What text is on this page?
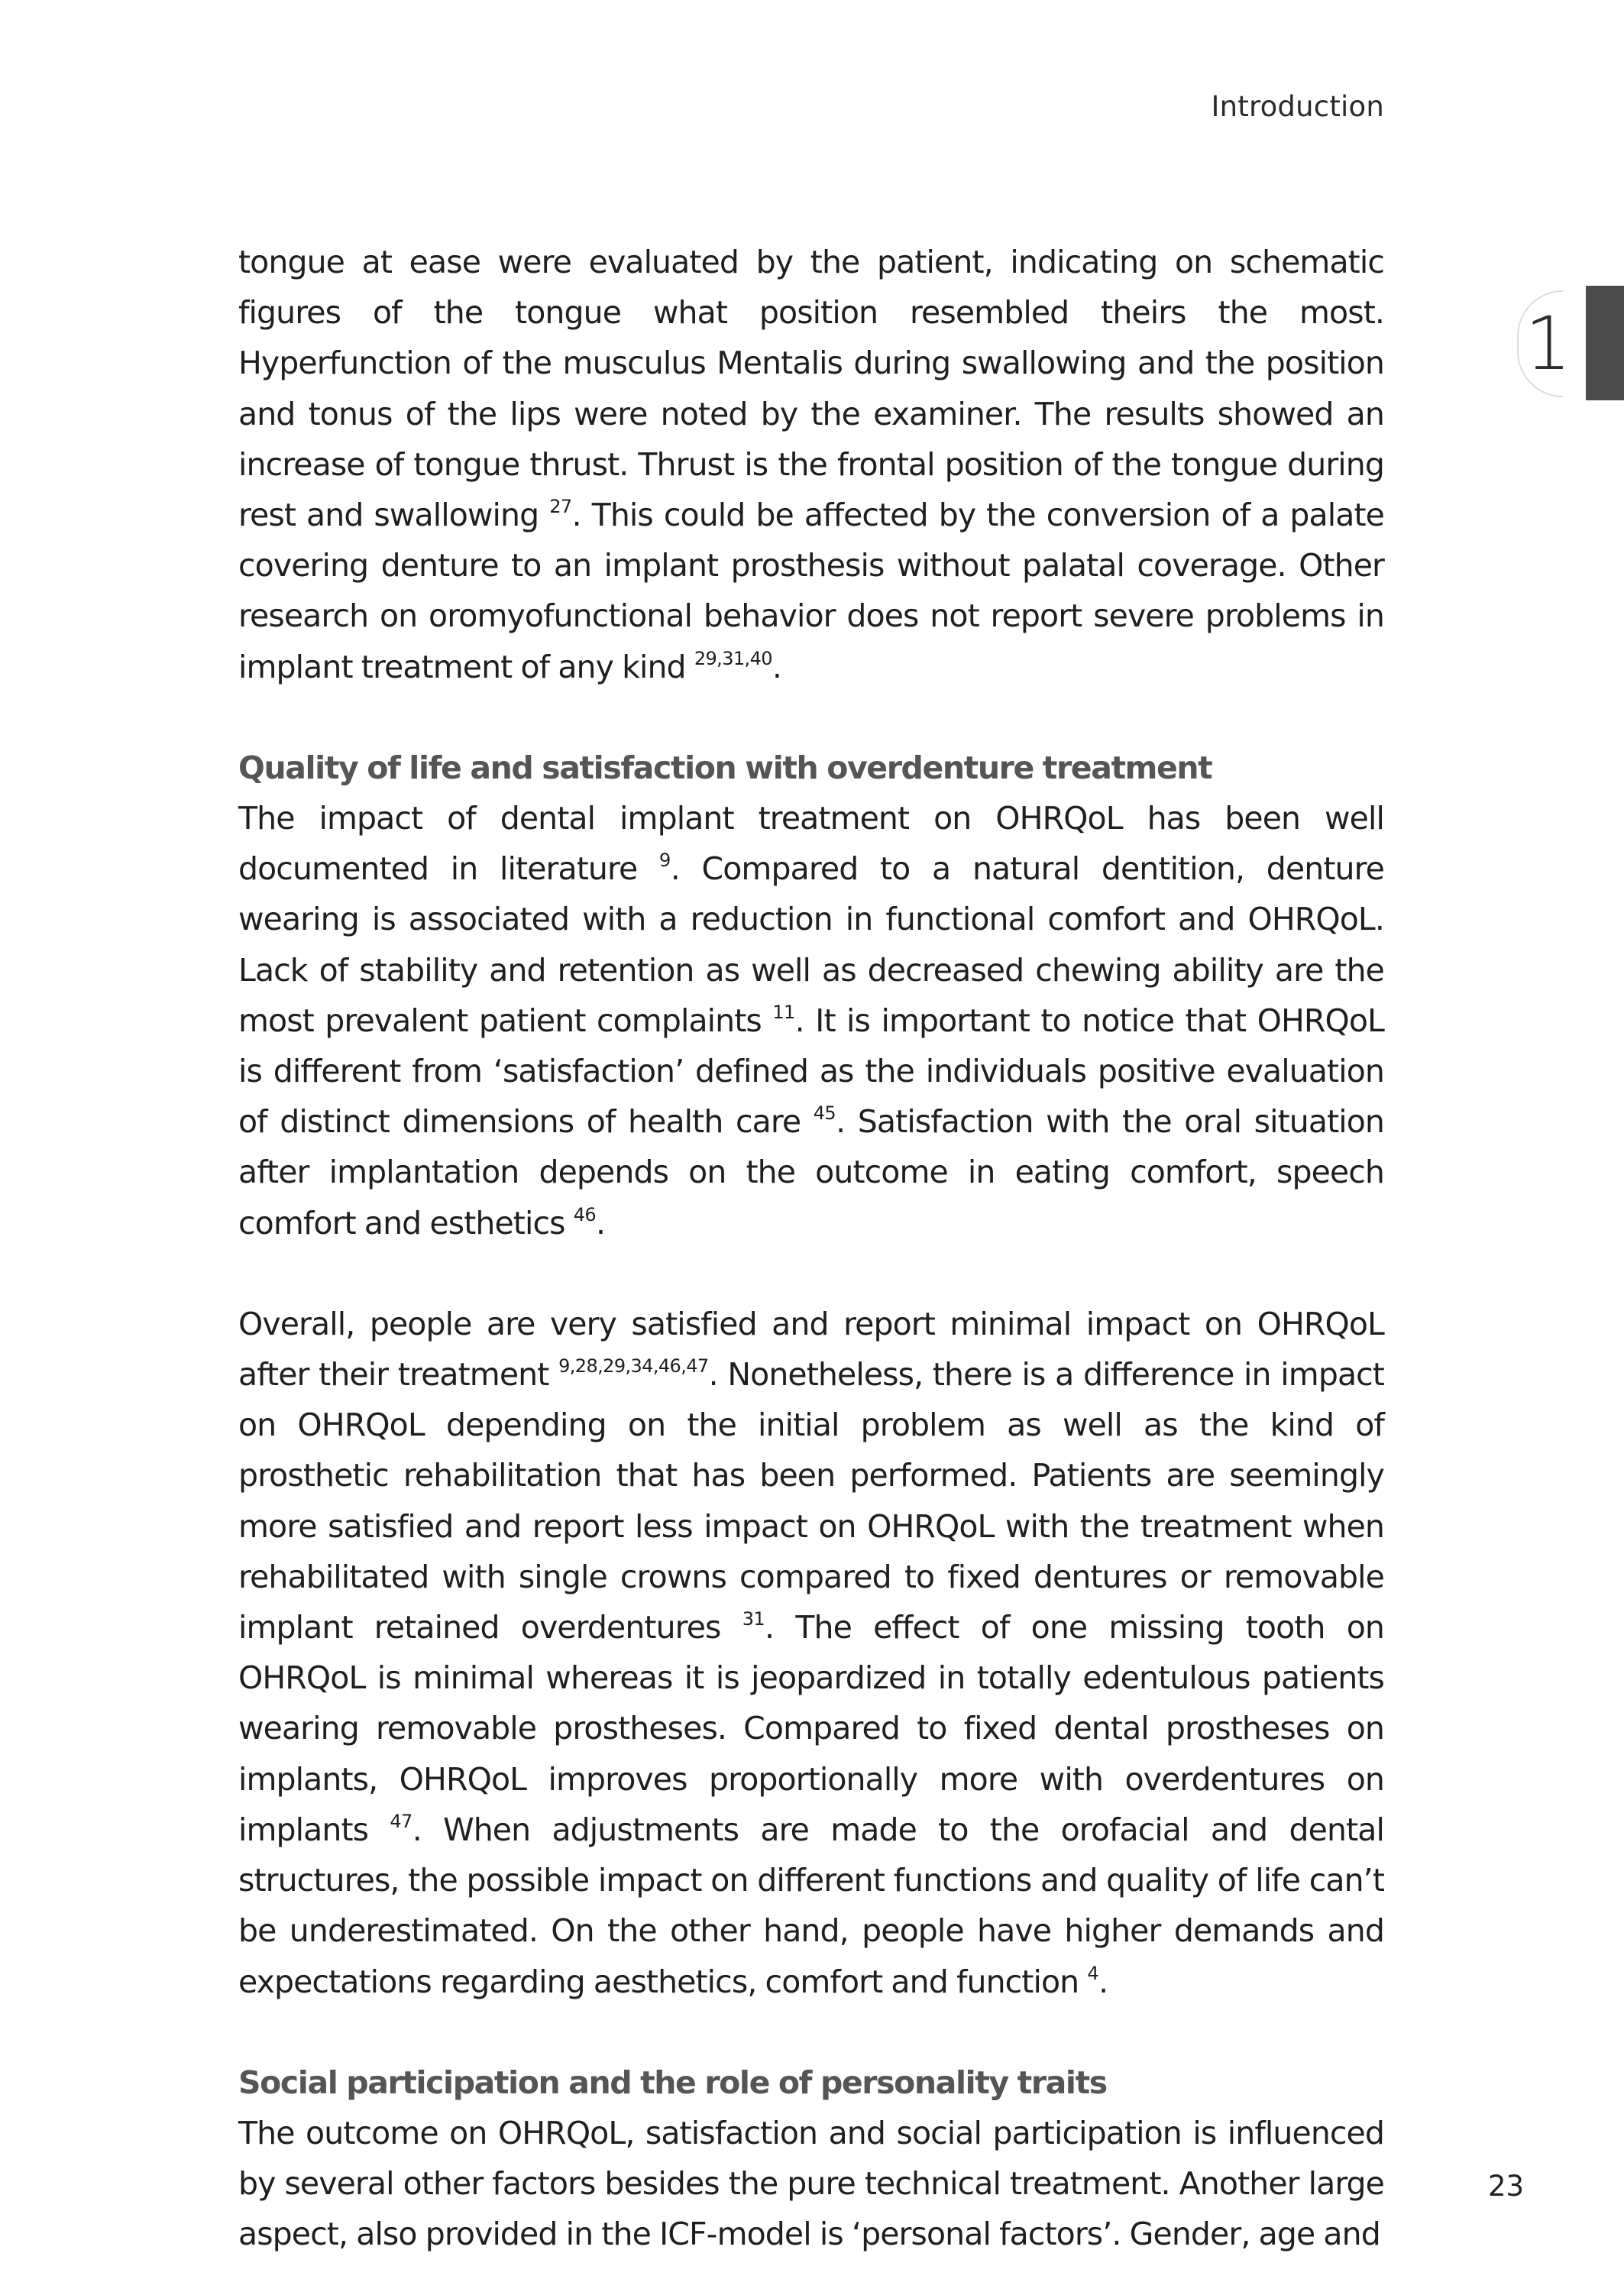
Introduction
1

tongue at ease were evaluated by the patient, indicating on schematic figures of the tongue what position resembled theirs the most. Hyperfunction of the musculus Mentalis during swallowing and the position and tonus of the lips were noted by the examiner. The results showed an increase of tongue thrust. Thrust is the frontal position of the tongue during rest and swallowing $^{27}$. This could be affected by the conversion of a palate covering denture to an implant prosthesis without palatal coverage. Other research on oromyofunctional behavior does not report severe problems in implant treatment of any kind $^{29,31,40}$.

Quality of life and satisfaction with overdenture treatment

The impact of dental implant treatment on OHRQoL has been well documented in literature $^9$. Compared to a natural dentition, denture wearing is associated with a reduction in functional comfort and OHRQoL. Lack of stability and retention as well as decreased chewing ability are the most prevalent patient complaints $^{11}$. It is important to notice that OHRQoL is different from ‘satisfaction’ defined as the individuals positive evaluation of distinct dimensions of health care $^{45}$. Satisfaction with the oral situation after implantation depends on the outcome in eating comfort, speech comfort and esthetics $^{46}$.

Overall, people are very satisfied and report minimal impact on OHRQoL after their treatment $^{9,28,29,34,46,47}$. Nonetheless, there is a difference in impact on OHRQoL depending on the initial problem as well as the kind of prosthetic rehabilitation that has been performed. Patients are seemingly more satisfied and report less impact on OHRQoL with the treatment when rehabilitated with single crowns compared to fixed dentures or removable implant retained overdentures $^{31}$. The effect of one missing tooth on OHRQoL is minimal whereas it is jeopardized in totally edentulous patients wearing removable prostheses. Compared to fixed dental prostheses on implants, OHRQoL improves proportionally more with overdentures on implants $^{47}$. When adjustments are made to the orofacial and dental structures, the possible impact on different functions and quality of life can’t be underestimated. On the other hand, people have higher demands and expectations regarding aesthetics, comfort and function $^4$.

Social participation and the role of personality traits

The outcome on OHRQoL, satisfaction and social participation is influenced by several other factors besides the pure technical treatment. Another large aspect, also provided in the ICF-model is ‘personal factors’. Gender, age and

23
